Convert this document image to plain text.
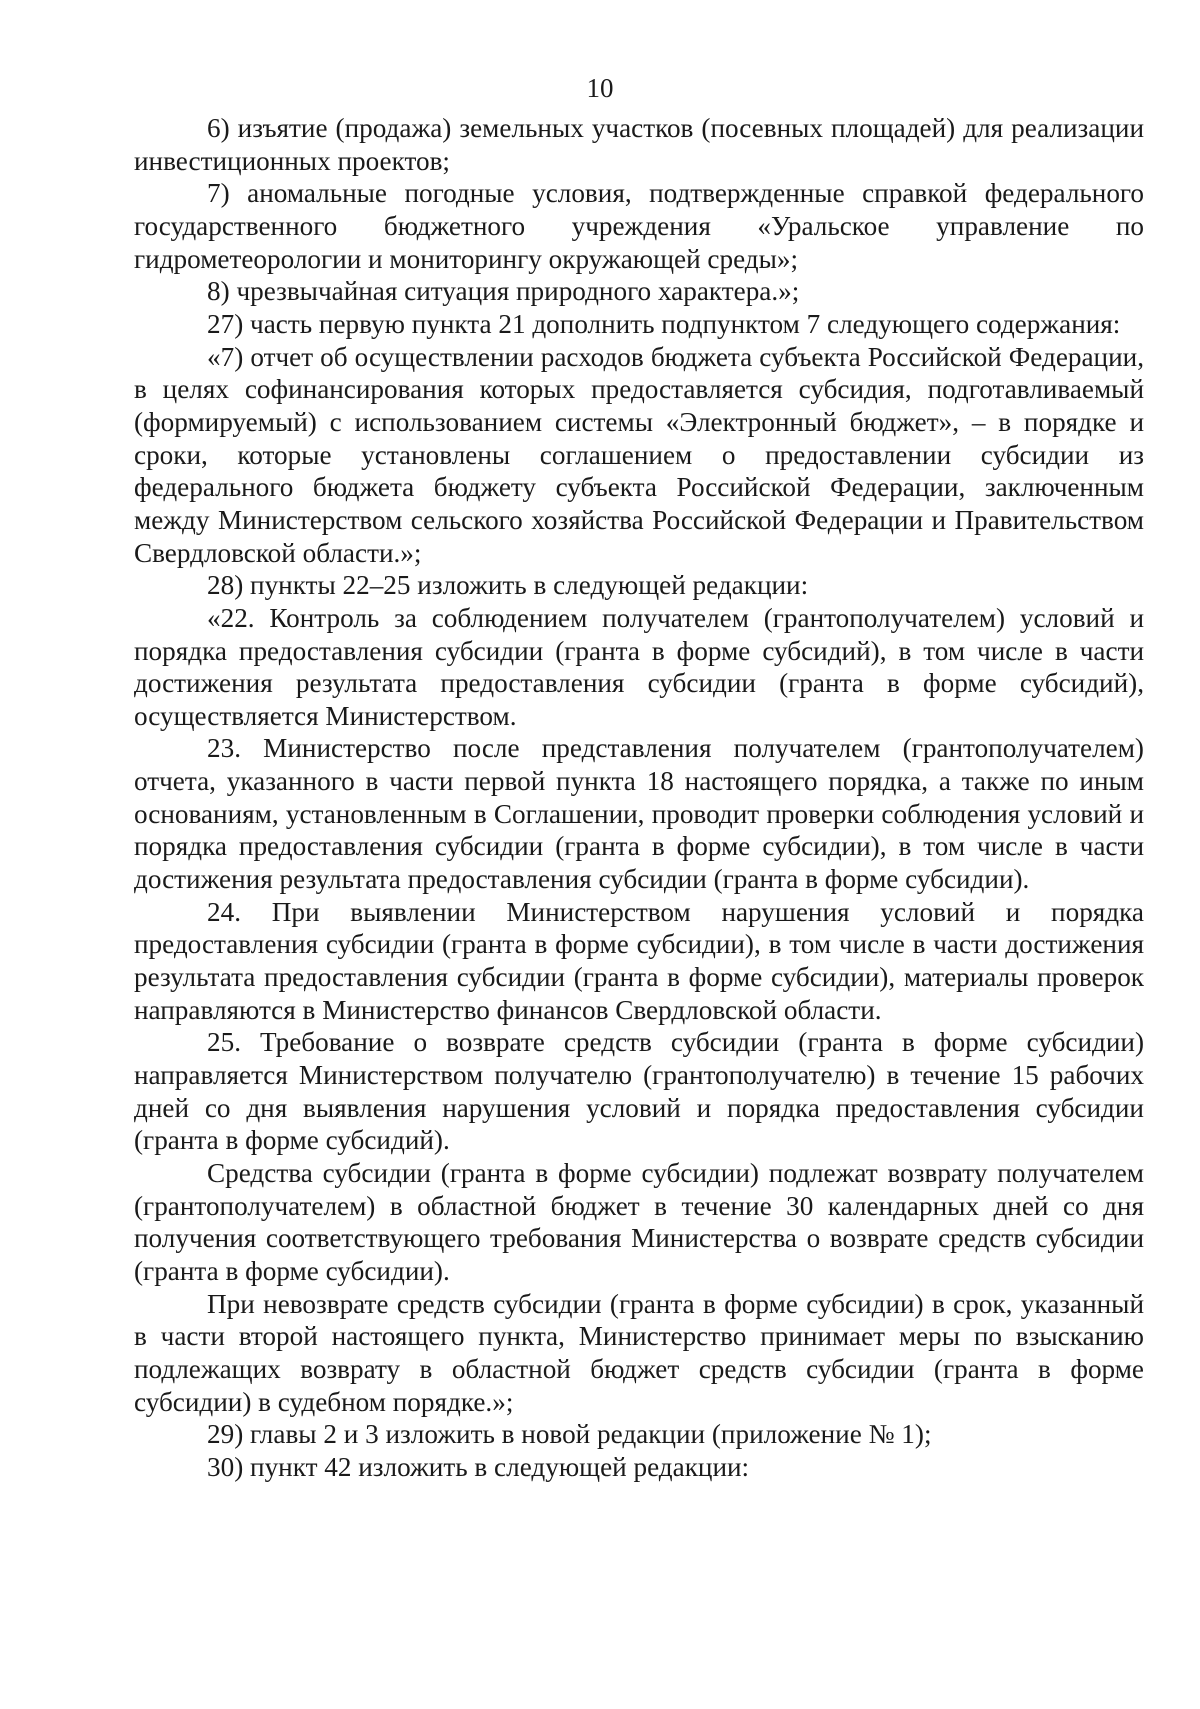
10

6) изъятие (продажа) земельных участков (посевных площадей) для реализации инвестиционных проектов;

7) аномальные погодные условия, подтвержденные справкой федерального государственного бюджетного учреждения «Уральское управление по гидрометеорологии и мониторингу окружающей среды»;

8) чрезвычайная ситуация природного характера.»;

27) часть первую пункта 21 дополнить подпунктом 7 следующего содержания:

«7) отчет об осуществлении расходов бюджета субъекта Российской Федерации, в целях софинансирования которых предоставляется субсидия, подготавливаемый (формируемый) с использованием системы «Электронный бюджет», – в порядке и сроки, которые установлены соглашением о предоставлении субсидии из федерального бюджета бюджету субъекта Российской Федерации, заключенным между Министерством сельского хозяйства Российской Федерации и Правительством Свердловской области.»;

28) пункты 22–25 изложить в следующей редакции:

«22. Контроль за соблюдением получателем (грантополучателем) условий и порядка предоставления субсидии (гранта в форме субсидий), в том числе в части достижения результата предоставления субсидии (гранта в форме субсидий), осуществляется Министерством.

23. Министерство после представления получателем (грантополучателем) отчета, указанного в части первой пункта 18 настоящего порядка, а также по иным основаниям, установленным в Соглашении, проводит проверки соблюдения условий и порядка предоставления субсидии (гранта в форме субсидии), в том числе в части достижения результата предоставления субсидии (гранта в форме субсидии).

24. При выявлении Министерством нарушения условий и порядка предоставления субсидии (гранта в форме субсидии), в том числе в части достижения результата предоставления субсидии (гранта в форме субсидии), материалы проверок направляются в Министерство финансов Свердловской области.

25. Требование о возврате средств субсидии (гранта в форме субсидии) направляется Министерством получателю (грантополучателю) в течение 15 рабочих дней со дня выявления нарушения условий и порядка предоставления субсидии (гранта в форме субсидий).

Средства субсидии (гранта в форме субсидии) подлежат возврату получателем (грантополучателем) в областной бюджет в течение 30 календарных дней со дня получения соответствующего требования Министерства о возврате средств субсидии (гранта в форме субсидии).

При невозврате средств субсидии (гранта в форме субсидии) в срок, указанный в части второй настоящего пункта, Министерство принимает меры по взысканию подлежащих возврату в областной бюджет средств субсидии (гранта в форме субсидии) в судебном порядке.»;

29) главы 2 и 3 изложить в новой редакции (приложение № 1);

30) пункт 42 изложить в следующей редакции:
